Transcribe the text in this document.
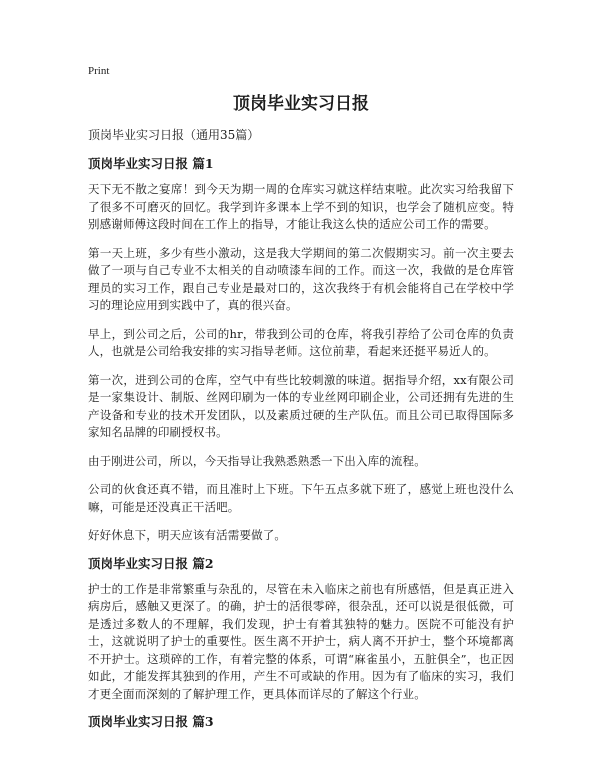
Print
顶岗毕业实习日报
顶岗毕业实习日报（通用35篇）
顶岗毕业实习日报 篇1

天下无不散之宴席！到今天为期一周的仓库实习就这样结束啦。此次实习给我留下了很多不可磨灭的回忆。我学到许多课本上学不到的知识，也学会了随机应变。特别感谢师傅这段时间在工作上的指导，才能让我这么快的适应公司工作的需要。

第一天上班，多少有些小激动，这是我大学期间的第二次假期实习。前一次主要去做了一项与自己专业不太相关的自动喷漆车间的工作。而这一次，我做的是仓库管理员的实习工作，跟自己专业是最对口的，这次我终于有机会能将自己在学校中学习的理论应用到实践中了，真的很兴奋。

早上，到公司之后，公司的hr，带我到公司的仓库，将我引荐给了公司仓库的负责人，也就是公司给我安排的实习指导老师。这位前辈，看起来还挺平易近人的。

第一次，进到公司的仓库，空气中有些比较刺激的味道。据指导介绍，xx有限公司是一家集设计、制版、丝网印刷为一体的专业丝网印刷企业，公司还拥有先进的生产设备和专业的技术开发团队，以及素质过硬的生产队伍。而且公司已取得国际多家知名品牌的印刷授权书。

由于刚进公司，所以，今天指导让我熟悉熟悉一下出入库的流程。

公司的伙食还真不错，而且准时上下班。下午五点多就下班了，感觉上班也没什么嘛，可能是还没真正干活吧。

好好休息下，明天应该有活需要做了。

顶岗毕业实习日报 篇2

护士的工作是非常繁重与杂乱的，尽管在未入临床之前也有所感悟，但是真正进入病房后，感触又更深了。的确，护士的活很零碎，很杂乱，还可以说是很低微，可是透过多数人的不理解，我们发现，护士有着其独特的魅力。医院不可能没有护士，这就说明了护士的重要性。医生离不开护士，病人离不开护士，整个环境都离不开护士。这琐碎的工作，有着完整的体系，可谓“麻雀虽小，五脏俱全”，也正因如此，才能发挥其独到的作用，产生不可或缺的作用。因为有了临床的实习，我们才更全面而深刻的了解护理工作，更具体而详尽的了解这个行业。

顶岗毕业实习日报 篇3
